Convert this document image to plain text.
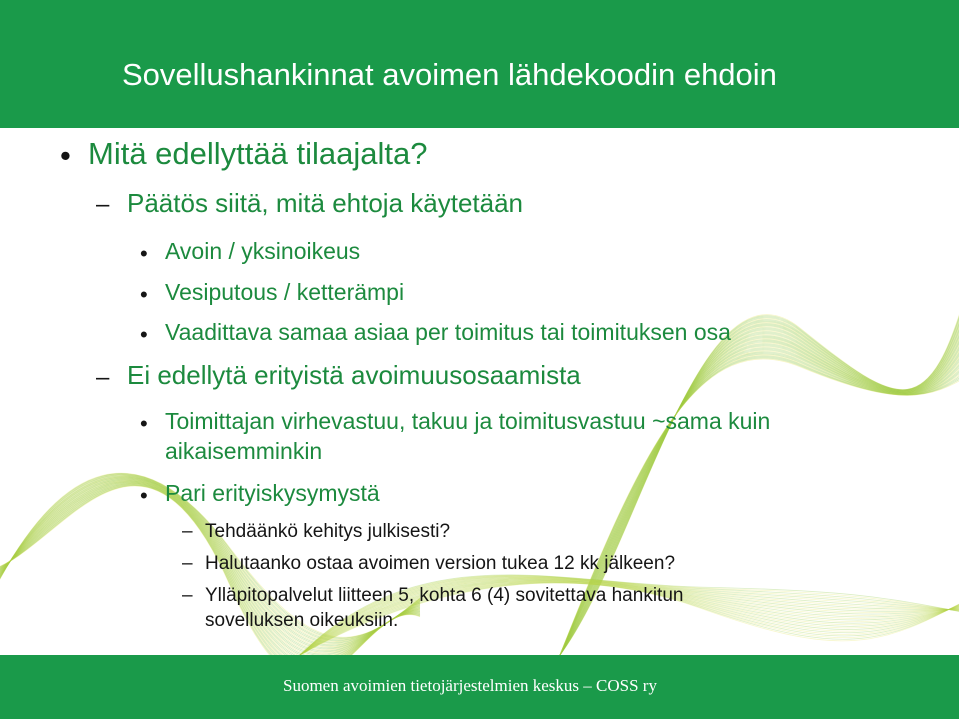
Sovellushankinnat avoimen lähdekoodin ehdoin
• Mitä edellyttää tilaajalta?
– Päätös siitä, mitä ehtoja käytetään
• Avoin / yksinoikeus
• Vesiputous / ketterämpi
• Vaadittava samaa asiaa per toimitus tai toimituksen osa
– Ei edellytä erityistä avoimuusosaamista
• Toimittajan virhevastuu, takuu ja toimitusvastuu ~sama kuin
aikaisemminkin
• Pari erityiskysymystä
– Tehdäänkö kehitys julkisesti?
– Halutaanko ostaa avoimen version tukea 12 kk jälkeen?
– Ylläpitopalvelut liitteen 5, kohta 6 (4) sovitettava hankitun
sovelluksen oikeuksiin.
Suomen avoimien tietojärjestelmien keskus – COSS ry
